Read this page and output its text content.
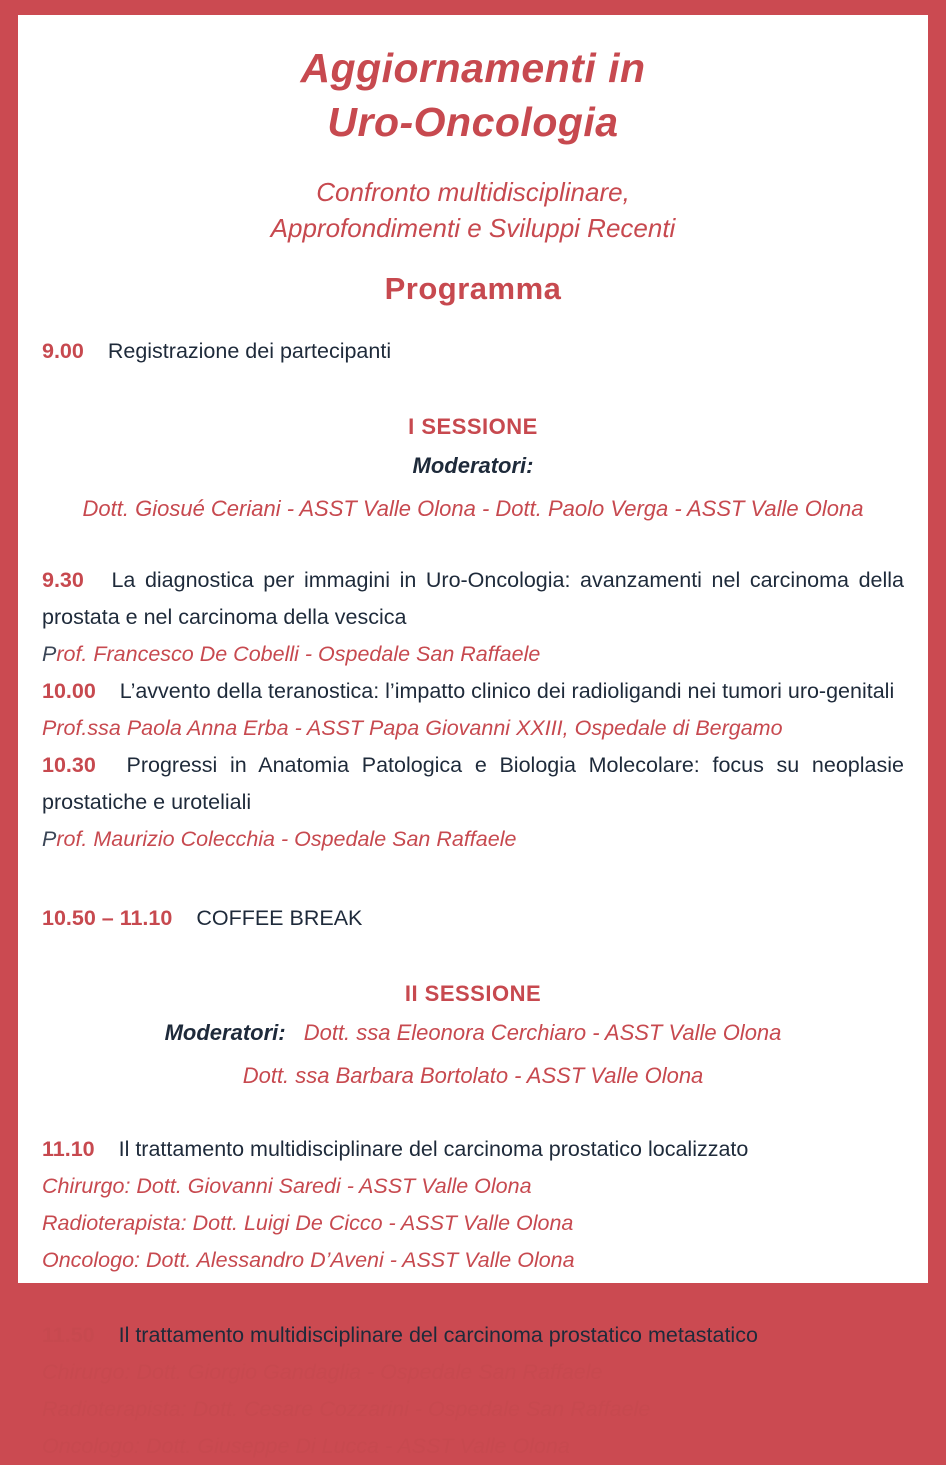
Aggiornamenti in
Uro-Oncologia

Confronto multidisciplinare,
Approfondimenti e Sviluppi Recenti

Programma

9.00 Registrazione dei partecipanti

I SESSIONE

Moderatori:

Dott. Giosué Ceriani - ASST Valle Olona - Dott. Paolo Verga - ASST Valle Olona

9.30 La diagnostica per immagini in Uro-Oncologia: avanzamenti nel carcinoma della prostata e nel carcinoma della vescica

Prof. Francesco De Cobelli - Ospedale San Raffaele

10.00 L’avvento della teranostica: l’impatto clinico dei radioligandi nei tumori uro-genitali

Prof.ssa Paola Anna Erba - ASST Papa Giovanni XXIII, Ospedale di Bergamo

10.30 Progressi in Anatomia Patologica e Biologia Molecolare: focus su neoplasie prostatiche e uroteliali

Prof. Maurizio Colecchia - Ospedale San Raffaele

10.50 – 11.10 COFFEE BREAK

II SESSIONE

Moderatori: Dott. ssa Eleonora Cerchiaro - ASST Valle Olona

Dott. ssa Barbara Bortolato - ASST Valle Olona

11.10 Il trattamento multidisciplinare del carcinoma prostatico localizzato

Chirurgo: Dott. Giovanni Saredi - ASST Valle Olona

Radioterapista: Dott. Luigi De Cicco - ASST Valle Olona

Oncologo: Dott. Alessandro D’Aveni - ASST Valle Olona

11.50 Il trattamento multidisciplinare del carcinoma prostatico metastatico

Chirurgo: Dott. Giorgio Gandaglia - Ospedale San Raffaele

Radioterapista: Dott. Cesare Cozzarini - Ospedale San Raffaele

Oncologo: Dott. Giuseppe Di Lucca - ASST Valle Olona
